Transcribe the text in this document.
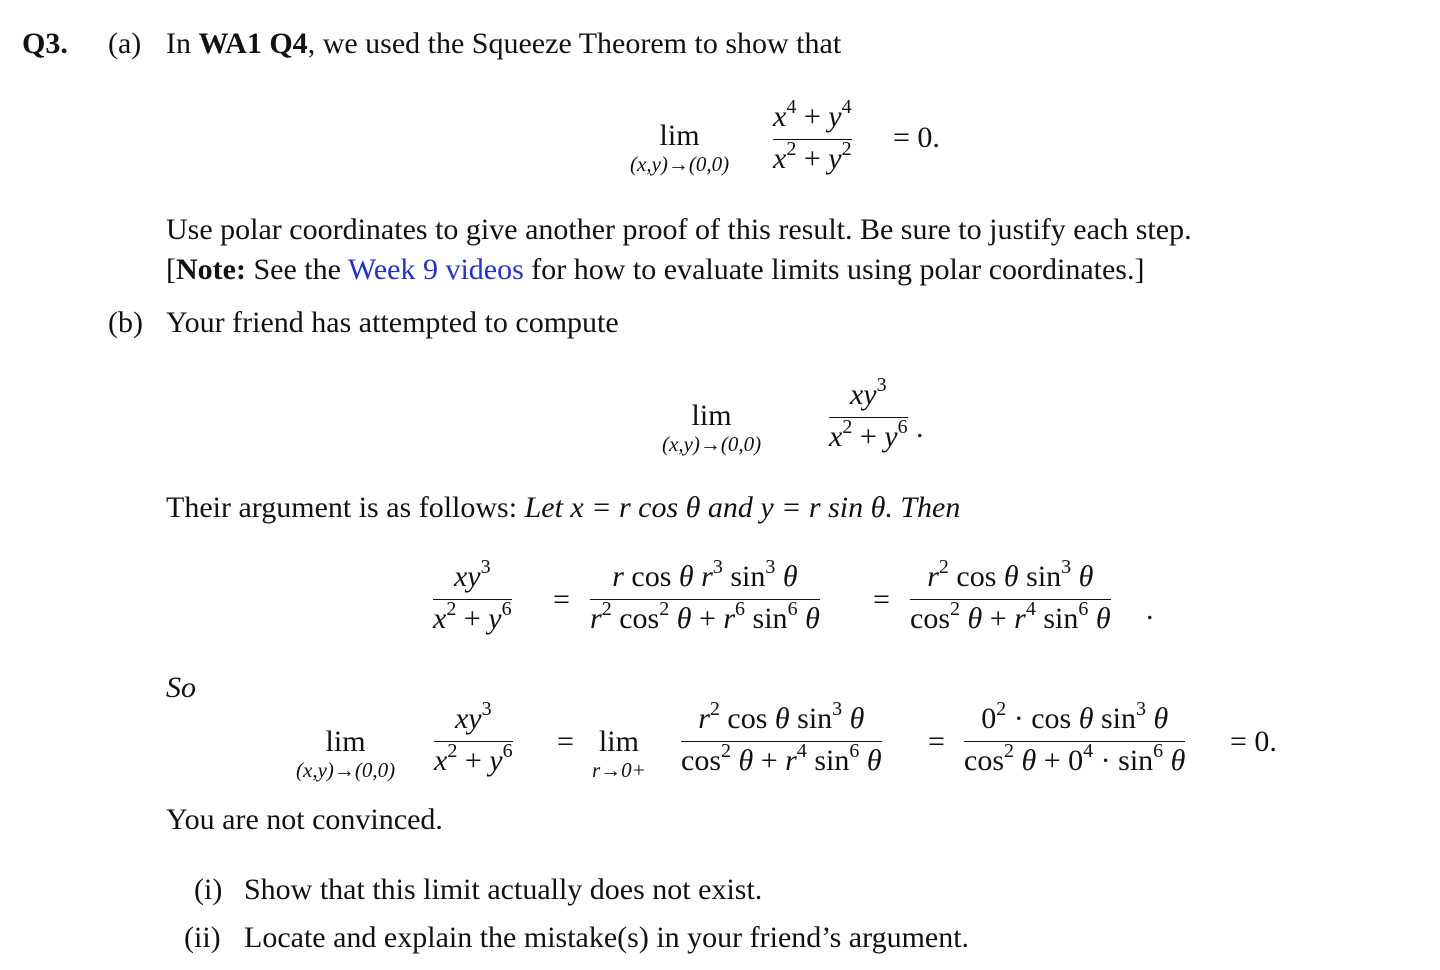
Q3. (a) In WA1 Q4, we used the Squeeze Theorem to show that
lim
(x,y)→(0,0)
$x^4 + y^4$
$x^2 + y^2 = 0$.
Use polar coordinates to give another proof of this result. Be sure to justify each step.
[Note: See the Week 9 videos for how to evaluate limits using polar coordinates.]
(b) Your friend has attempted to compute
lim
(x,y)→(0,0)
$xy^3$
$x^2 + y^6$ .
Their argument is as follows: Let x = r cos θ and y = r sin θ. Then
$xy^3$
$x^2 + y^6$ =
r cos θ $r^3$ $\sin^3 \theta$
$r^2$ $\cos^2 \theta + r^6$ $\sin^6 \theta$
=
$r^2$ cos θ $\sin^3 \theta$
$\cos^2 \theta + r^4$ $\sin^6 \theta$ .
So
lim
(x,y)→(0,0)
$xy^3$
$x^2 + y^6 = \lim$
r→0+
$r^2$ cos θ $\sin^3 \theta$
$\cos^2 \theta + r^4$ $\sin^6 \theta$
=
$0^2 \cdot \cos \theta$ $\sin^3 \theta$
$\cos^2 \theta + 0^4 \cdot \sin^6 \theta$
= 0.
You are not convinced.
(i) Show that this limit actually does not exist.
(ii) Locate and explain the mistake(s) in your friend’s argument.
